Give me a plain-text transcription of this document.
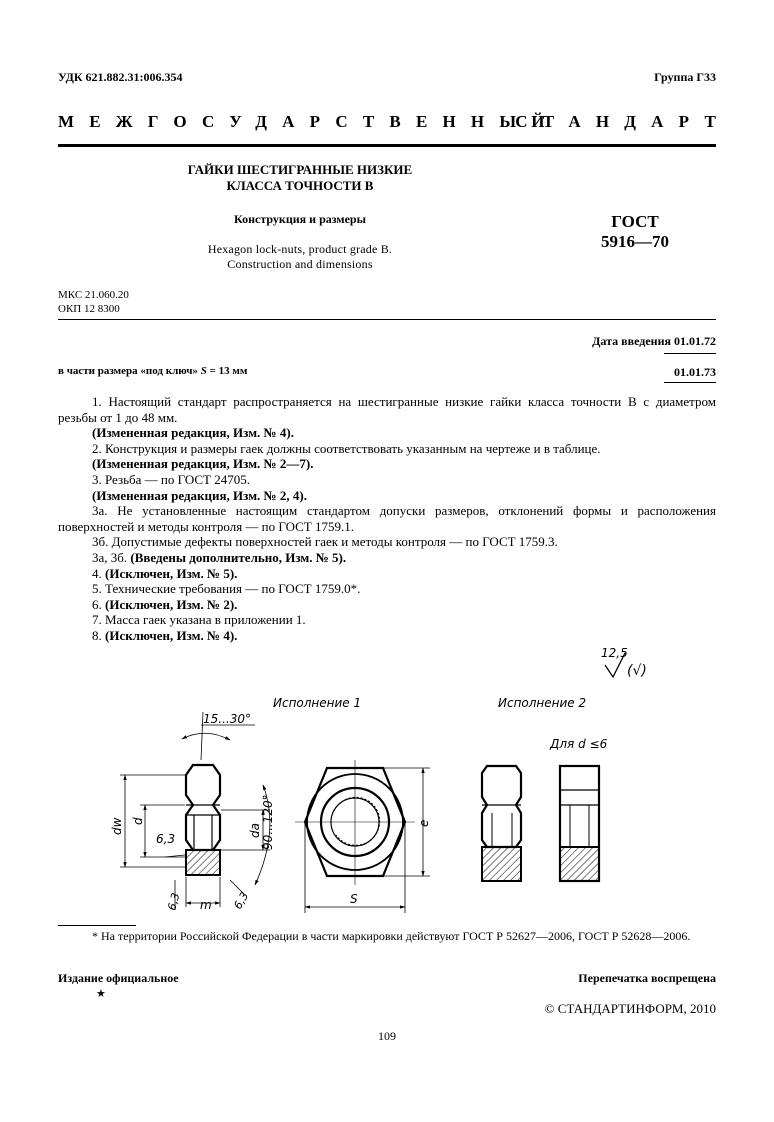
УДК 621.882.31:006.354	Группа Г33
МЕЖГОСУДАРСТВЕННЫЙ
СТАНДАРТ
ГАЙКИ ШЕСТИГРАННЫЕ НИЗКИЕ
КЛАССА ТОЧНОСТИ В
Конструкция и размеры
Hexagon lock-nuts, product grade B.
Construction and dimensions
ГОСТ
5916—70
МКС 21.060.20
ОКП 12 8300
Дата введения 01.01.72
в части размера «под ключ» S = 13 мм	01.01.73

1. Настоящий стандарт распространяется на шестигранные низкие гайки класса точности В с диаметром резьбы от 1 до 48 мм.

(Измененная редакция, Изм. № 4).

2. Конструкция и размеры гаек должны соответствовать указанным на чертеже и в таблице.

(Измененная редакция, Изм. № 2—7).

3. Резьба — по ГОСТ 24705.

(Измененная редакция, Изм. № 2, 4).

3а. Не установленные настоящим стандартом допуски размеров, отклонений формы и расположения поверхностей и методы контроля — по ГОСТ 1759.1.

3б. Допустимые дефекты поверхностей гаек и методы контроля — по ГОСТ 1759.3.

3а, 3б. (Введены дополнительно, Изм. № 5).

4. (Исключен, Изм. № 5).

5. Технические требования — по ГОСТ 1759.0*.

6. (Исключен, Изм. № 2).

7. Масса гаек указана в приложении 1.

8. (Исключен, Изм. № 4).

12,5
(√)
Исполнение 1	Исполнение 2
Для d ≤6
15...30°
dw d
6,3
da 90...120°
6,3 m 6,3
e
S
* На территории Российской Федерации в части маркировки действуют ГОСТ Р 52627—2006, ГОСТ Р 52628—2006.
Издание официальное	Перепечатка воспрещена
★
© СТАНДАРТИНФОРМ, 2010
109
